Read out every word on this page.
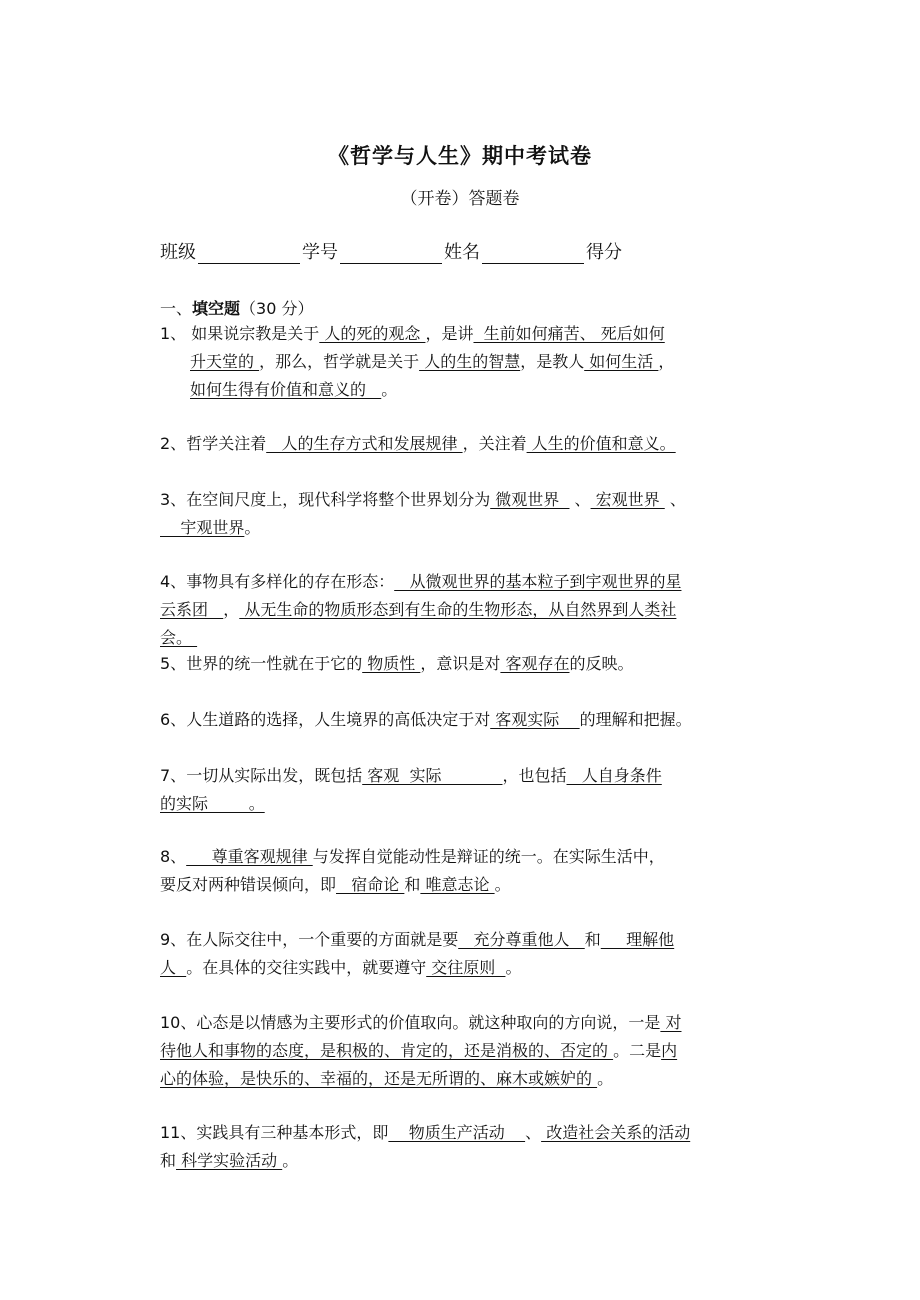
《哲学与人生》期中考试卷
（开卷）答题卷
班级	学号	姓名	得分
一、填空题（30 分）
1、 如果说宗教是关于 人的死的观念 ，是讲  生前如何痛苦、 死后如何
升天堂的 ，那么，哲学就是关于 人的生的智慧，是教人 如何生活 ，
如何生得有价值和意义的   。
2、哲学关注着   人的生存方式和发展规律 ，关注着 人生的价值和意义。
3、在空间尺度上，现代科学将整个世界划分为 微观世界   、 宏观世界  、
宇观世界。
4、事物具有多样化的存在形态：   从微观世界的基本粒子到宇观世界的星
云系团   ， 从无生命的物质形态到有生命的生物形态，从自然界到人类社
会。
5、世界的统一性就在于它的 物质性 ，意识是对 客观存在的反映。
6、人生道路的选择，人生境界的高低决定于对 客观实际    的理解和把握。
7、一切从实际出发，既包括 客观  实际            ，也包括   人自身条件
的实际        。
8、     尊重客观规律 与发挥自觉能动性是辩证的统一。在实际生活中，
要反对两种错误倾向，即   宿命论 和 唯意志论 。
9、在人际交往中，一个重要的方面就是要   充分尊重他人   和     理解他
人  。在具体的交往实践中，就要遵守 交往原则  。
10、心态是以情感为主要形式的价值取向。就这种取向的方向说，一是 对
待他人和事物的态度，是积极的、肯定的，还是消极的、否定的 。二是内
心的体验，是快乐的、幸福的，还是无所谓的、麻木或嫉妒的 。
11、实践具有三种基本形式，即    物质生产活动    、 改造社会关系的活动
和 科学实验活动 。
